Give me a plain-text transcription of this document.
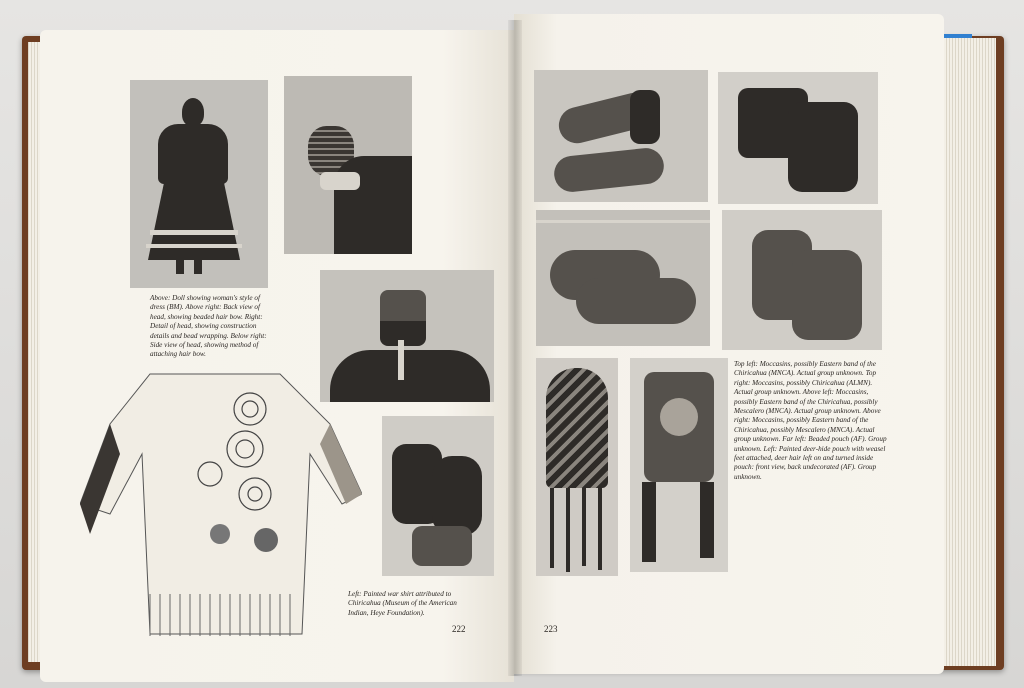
Above: Doll showing woman's style of dress (BM). Above right: Back view of head, showing beaded hair bow. Right: Detail of head, showing construction details and bead wrapping. Below right: Side view of head, showing method of attaching hair bow.
Left: Painted war shirt attributed to Chiricahua (Museum of the American Indian, Heye Foundation).
222
Top left: Moccasins, possibly Eastern band of the Chiricahua (MNCA). Actual group unknown. Top right: Moccasins, possibly Chiricahua (ALMN). Actual group unknown. Above left: Moccasins, possibly Eastern band of the Chiricahua, possibly Mescalero (MNCA). Actual group unknown. Above right: Moccasins, possibly Eastern band of the Chiricahua, possibly Mescalero (MNCA). Actual group unknown. Far left: Beaded pouch (AF). Group unknown. Left: Painted deer-hide pouch with weasel feet attached, deer hair left on and turned inside pouch: front view, back undecorated (AF). Group unknown.
223
